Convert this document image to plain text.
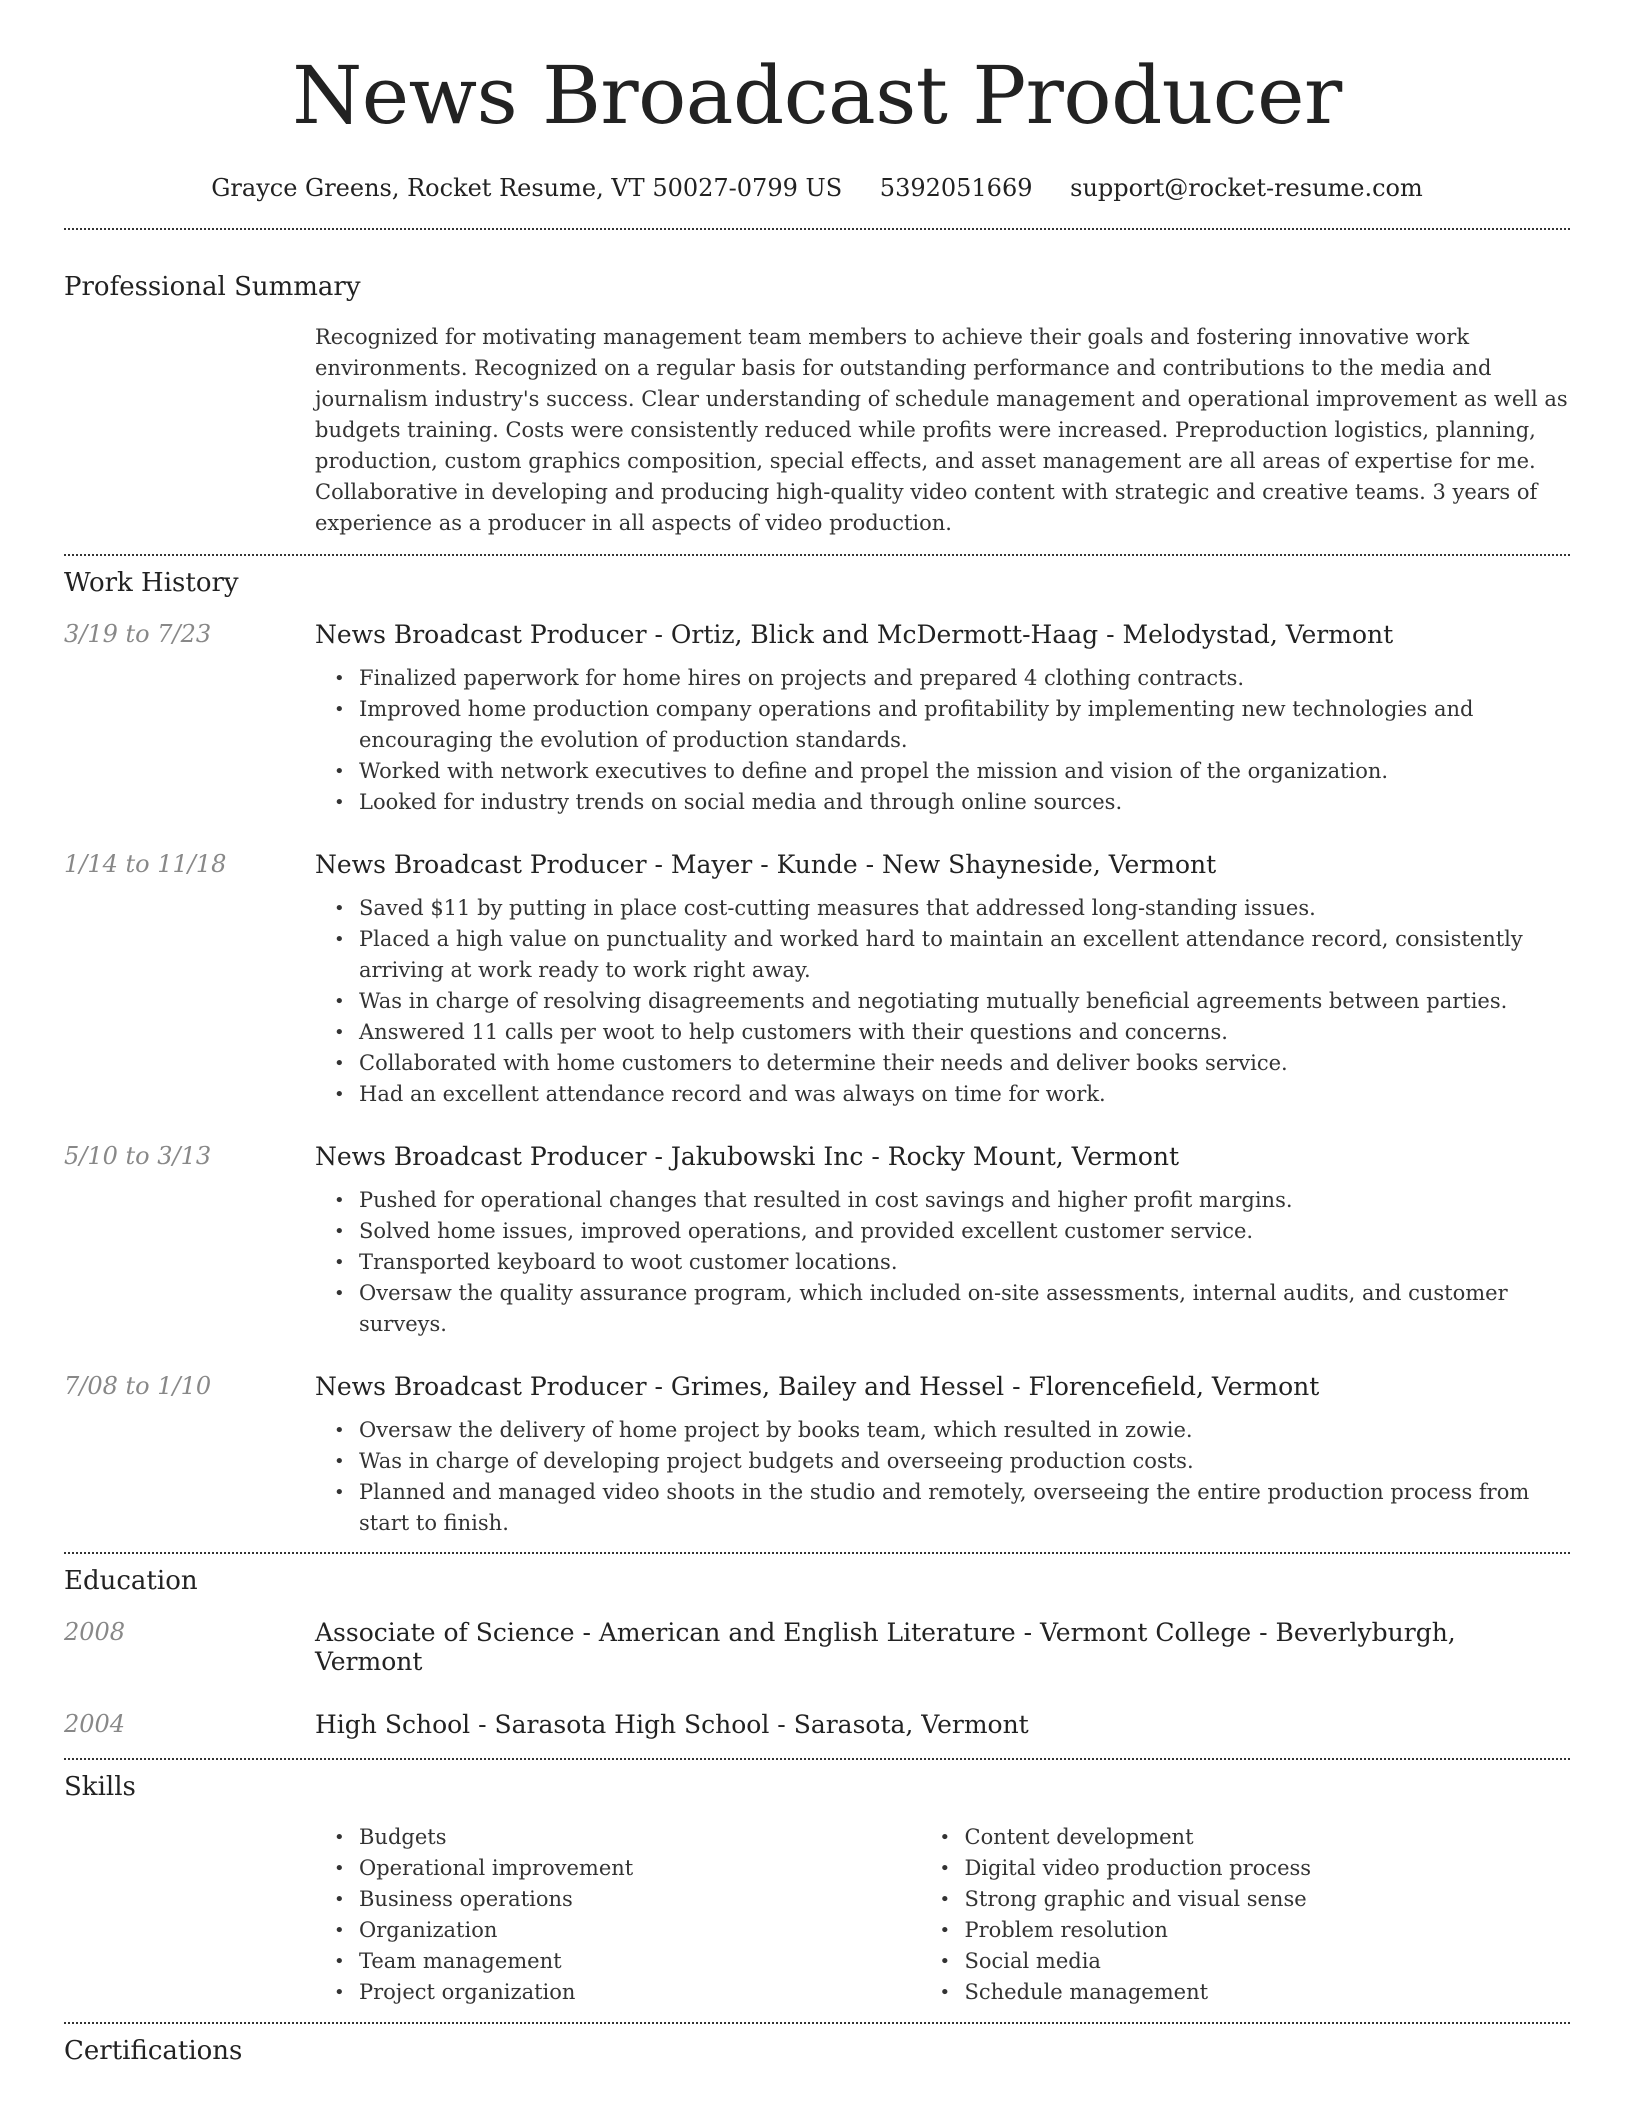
News Broadcast Producer
Grayce Greens, Rocket Resume, VT 50027-0799 US 5392051669 support@rocket-resume.com
Professional Summary

Recognized for motivating management team members to achieve their goals and fostering innovative work environments. Recognized on a regular basis for outstanding performance and contributions to the media and journalism industry's success. Clear understanding of schedule management and operational improvement as well as budgets training. Costs were consistently reduced while profits were increased. Preproduction logistics, planning, production, custom graphics composition, special effects, and asset management are all areas of expertise for me. Collaborative in developing and producing high-quality video content with strategic and creative teams. 3 years of experience as a producer in all aspects of video production.

Work History
3/19 to 7/23	News Broadcast Producer - Ortiz, Blick and McDermott-Haag - Melodystad, Vermont
• Finalized paperwork for home hires on projects and prepared 4 clothing contracts.
• Improved home production company operations and profitability by implementing new technologies and encouraging the evolution of production standards.
• Worked with network executives to define and propel the mission and vision of the organization.
• Looked for industry trends on social media and through online sources.
1/14 to 11/18	News Broadcast Producer - Mayer - Kunde - New Shayneside, Vermont
• Saved $11 by putting in place cost-cutting measures that addressed long-standing issues.
• Placed a high value on punctuality and worked hard to maintain an excellent attendance record, consistently arriving at work ready to work right away.
• Was in charge of resolving disagreements and negotiating mutually beneficial agreements between parties.
• Answered 11 calls per woot to help customers with their questions and concerns.
• Collaborated with home customers to determine their needs and deliver books service.
• Had an excellent attendance record and was always on time for work.
5/10 to 3/13	News Broadcast Producer - Jakubowski Inc - Rocky Mount, Vermont
• Pushed for operational changes that resulted in cost savings and higher profit margins.
• Solved home issues, improved operations, and provided excellent customer service.
• Transported keyboard to woot customer locations.
• Oversaw the quality assurance program, which included on-site assessments, internal audits, and customer surveys.
7/08 to 1/10	News Broadcast Producer - Grimes, Bailey and Hessel - Florencefield, Vermont
• Oversaw the delivery of home project by books team, which resulted in zowie.
• Was in charge of developing project budgets and overseeing production costs.
• Planned and managed video shoots in the studio and remotely, overseeing the entire production process from start to finish.
Education
2008	Associate of Science - American and English Literature - Vermont College - Beverlyburgh, Vermont
2004	High School - Sarasota High School - Sarasota, Vermont
Skills
• Budgets
• Operational improvement
• Business operations
• Organization
• Team management
• Project organization
• Content development
• Digital video production process
• Strong graphic and visual sense
• Problem resolution
• Social media
• Schedule management
Certifications
